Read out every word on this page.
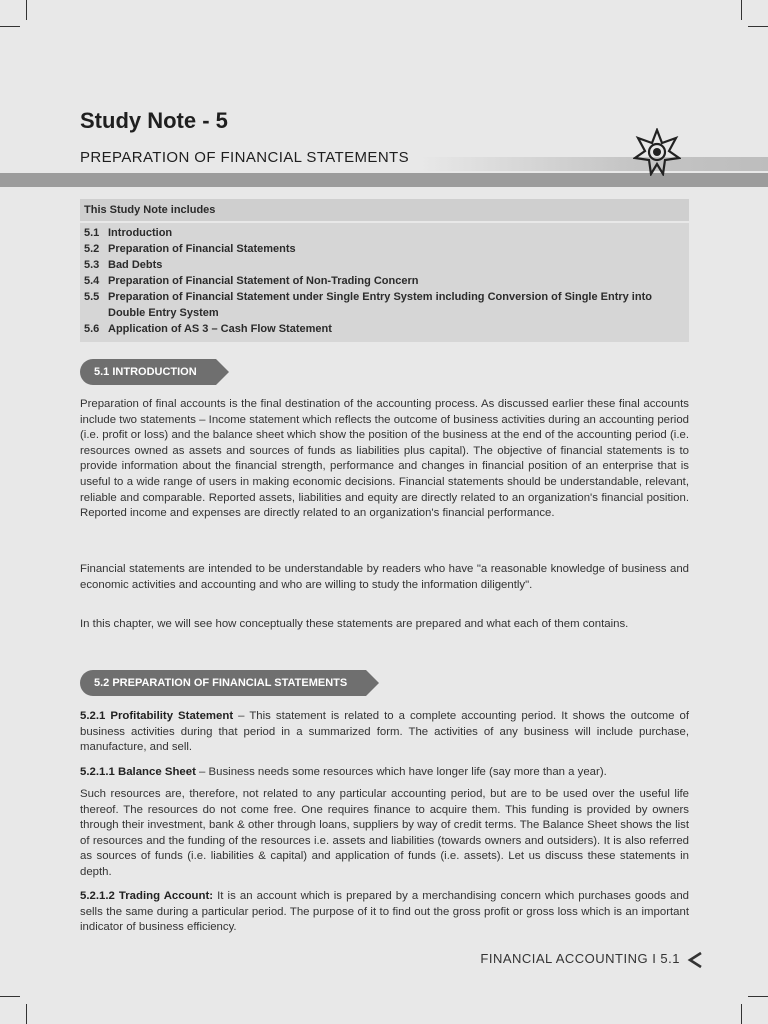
Study Note - 5
PREPARATION OF FINANCIAL STATEMENTS
This Study Note includes
5.1 Introduction
5.2 Preparation of Financial Statements
5.3 Bad Debts
5.4 Preparation of Financial Statement of Non-Trading Concern
5.5 Preparation of Financial Statement under Single Entry System including Conversion of Single Entry into Double Entry System
5.6 Application of AS 3 – Cash Flow Statement
5.1 INTRODUCTION
Preparation of final accounts is the final destination of the accounting process. As discussed earlier these final accounts include two statements – Income statement which reflects the outcome of business activities during an accounting period (i.e. profit or loss) and the balance sheet which show the position of the business at the end of the accounting period (i.e. resources owned as assets and sources of funds as liabilities plus capital). The objective of financial statements is to provide information about the financial strength, performance and changes in financial position of an enterprise that is useful to a wide range of users in making economic decisions. Financial statements should be understandable, relevant, reliable and comparable. Reported assets, liabilities and equity are directly related to an organization's financial position. Reported income and expenses are directly related to an organization's financial performance.
Financial statements are intended to be understandable by readers who have "a reasonable knowledge of business and economic activities and accounting and who are willing to study the information diligently".
In this chapter, we will see how conceptually these statements are prepared and what each of them contains.
5.2 PREPARATION OF FINANCIAL STATEMENTS
5.2.1 Profitability Statement – This statement is related to a complete accounting period. It shows the outcome of business activities during that period in a summarized form. The activities of any business will include purchase, manufacture, and sell.
5.2.1.1 Balance Sheet – Business needs some resources which have longer life (say more than a year).
Such resources are, therefore, not related to any particular accounting period, but are to be used over the useful life thereof. The resources do not come free. One requires finance to acquire them. This funding is provided by owners through their investment, bank & other through loans, suppliers by way of credit terms. The Balance Sheet shows the list of resources and the funding of the resources i.e. assets and liabilities (towards owners and outsiders). It is also referred as sources of funds (i.e. liabilities & capital) and application of funds (i.e. assets). Let us discuss these statements in depth.
5.2.1.2 Trading Account: It is an account which is prepared by a merchandising concern which purchases goods and sells the same during a particular period. The purpose of it to find out the gross profit or gross loss which is an important indicator of business efficiency.
FINANCIAL ACCOUNTING I 5.1
